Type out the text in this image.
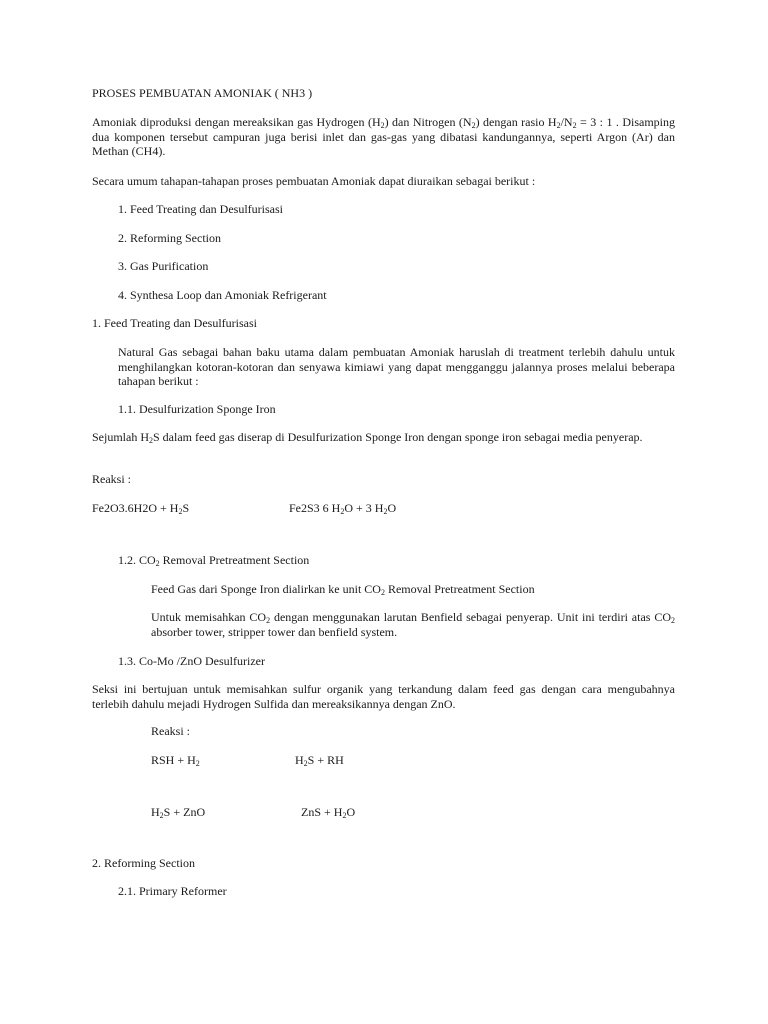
PROSES PEMBUATAN AMONIAK ( NH3 )
Amoniak diproduksi dengan mereaksikan gas Hydrogen $(H_2)$ dan Nitrogen $(N_2)$ dengan rasio $H_2/N_2 = 3$ : 1 . Disamping dua komponen tersebut campuran juga berisi inlet dan gas-gas yang dibatasi kandungannya, seperti Argon (Ar) dan Methan (CH4).
Secara umum tahapan-tahapan proses pembuatan Amoniak dapat diuraikan sebagai berikut :
1. Feed Treating dan Desulfurisasi
2. Reforming Section
3. Gas Purification
4. Synthesa Loop dan Amoniak Refrigerant
1. Feed Treating dan Desulfurisasi
Natural Gas sebagai bahan baku utama dalam pembuatan Amoniak haruslah di treatment terlebih dahulu untuk menghilangkan kotoran-kotoran dan senyawa kimiawi yang dapat mengganggu jalannya proses melalui beberapa tahapan berikut :
1.1. Desulfurization Sponge Iron
Sejumlah $H_2S$ dalam feed gas diserap di Desulfurization Sponge Iron dengan sponge iron sebagai media penyerap.
Reaksi :
$Fe2O3.6H2O + H_2S$	Fe2S3 6 $H_2O + 3$ $H_2O$
1.2. $CO_2$ Removal Pretreatment Section
Feed Gas dari Sponge Iron dialirkan ke unit $CO_2$ Removal Pretreatment Section
Untuk memisahkan $CO_2$ dengan menggunakan larutan Benfield sebagai penyerap. Unit ini terdiri atas $CO_2$ absorber tower, stripper tower dan benfield system.
1.3. Co-Mo /ZnO Desulfurizer
Seksi ini bertujuan untuk memisahkan sulfur organik yang terkandung dalam feed gas dengan cara mengubahnya terlebih dahulu mejadi Hydrogen Sulfida dan mereaksikannya dengan ZnO.
Reaksi :
RSH + $H_2$	$H_2S$ + RH
$H_2S$ + ZnO	ZnS + $H_2O$
2. Reforming Section
2.1. Primary Reformer
